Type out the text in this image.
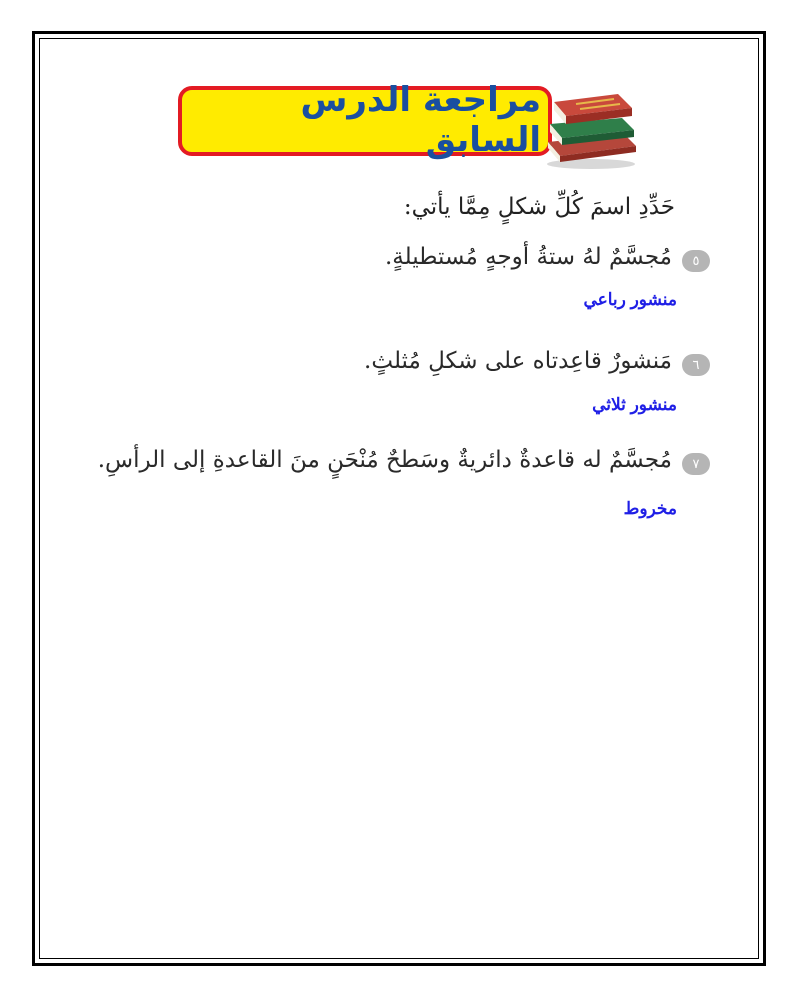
مراجعة الدرس السابق
حَدِّدِ اسمَ كُلِّ شكلٍ مِمَّا يأتي:
٥
مُجسَّمٌ لهُ ستةُ أوجهٍ مُستطيلةٍ.
منشور رباعي
٦
مَنشورٌ قاعِدتاه على شكلِ مُثلثٍ.
منشور ثلاثي
٧
مُجسَّمٌ له قاعدةٌ دائريةٌ وسَطحٌ مُنْحَنٍ منَ القاعدةِ إلى الرأسِ.
مخروط
